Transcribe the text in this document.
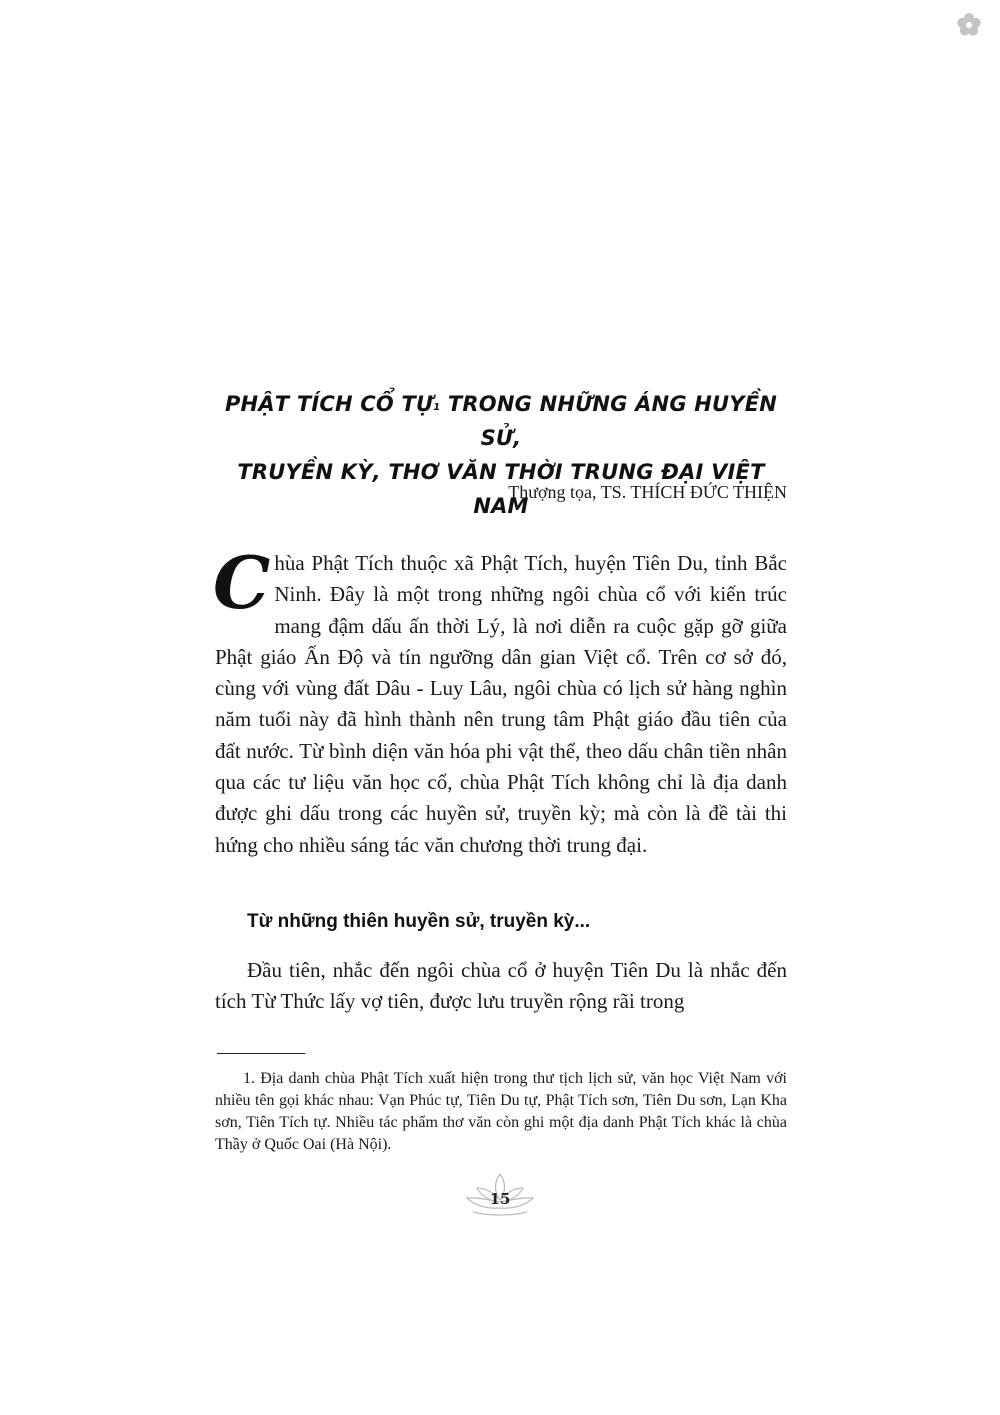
PHẬT TÍCH CỔ TỰ$^1$ TRONG NHỮNG ÁNG HUYỀN SỬ,
TRUYỀN KỲ, THƠ VĂN THỜI TRUNG ĐẠI VIỆT NAM
Thượng tọa, TS. THÍCH ĐỨC THIỆN
C hùa Phật Tích thuộc xã Phật Tích, huyện Tiên Du, tỉnh Bắc Ninh. Đây là một trong những ngôi chùa cổ với kiến trúc mang đậm dấu ấn thời Lý, là nơi diễn ra cuộc gặp gỡ giữa Phật giáo Ấn Độ và tín ngưỡng dân gian Việt cổ. Trên cơ sở đó, cùng với vùng đất Dâu - Luy Lâu, ngôi chùa có lịch sử hàng nghìn năm tuổi này đã hình thành nên trung tâm Phật giáo đầu tiên của đất nước. Từ bình diện văn hóa phi vật thể, theo dấu chân tiền nhân qua các tư liệu văn học cổ, chùa Phật Tích không chỉ là địa danh được ghi dấu trong các huyền sử, truyền kỳ; mà còn là đề tài thi hứng cho nhiều sáng tác văn chương thời trung đại.
Từ những thiên huyền sử, truyền kỳ...
Đầu tiên, nhắc đến ngôi chùa cổ ở huyện Tiên Du là nhắc đến tích Từ Thức lấy vợ tiên, được lưu truyền rộng rãi trong
1. Địa danh chùa Phật Tích xuất hiện trong thư tịch lịch sử, văn học Việt Nam với nhiều tên gọi khác nhau: Vạn Phúc tự, Tiên Du tự, Phật Tích sơn, Tiên Du sơn, Lạn Kha sơn, Tiên Tích tự. Nhiều tác phẩm thơ văn còn ghi một địa danh Phật Tích khác là chùa Thầy ở Quốc Oai (Hà Nội).
15
